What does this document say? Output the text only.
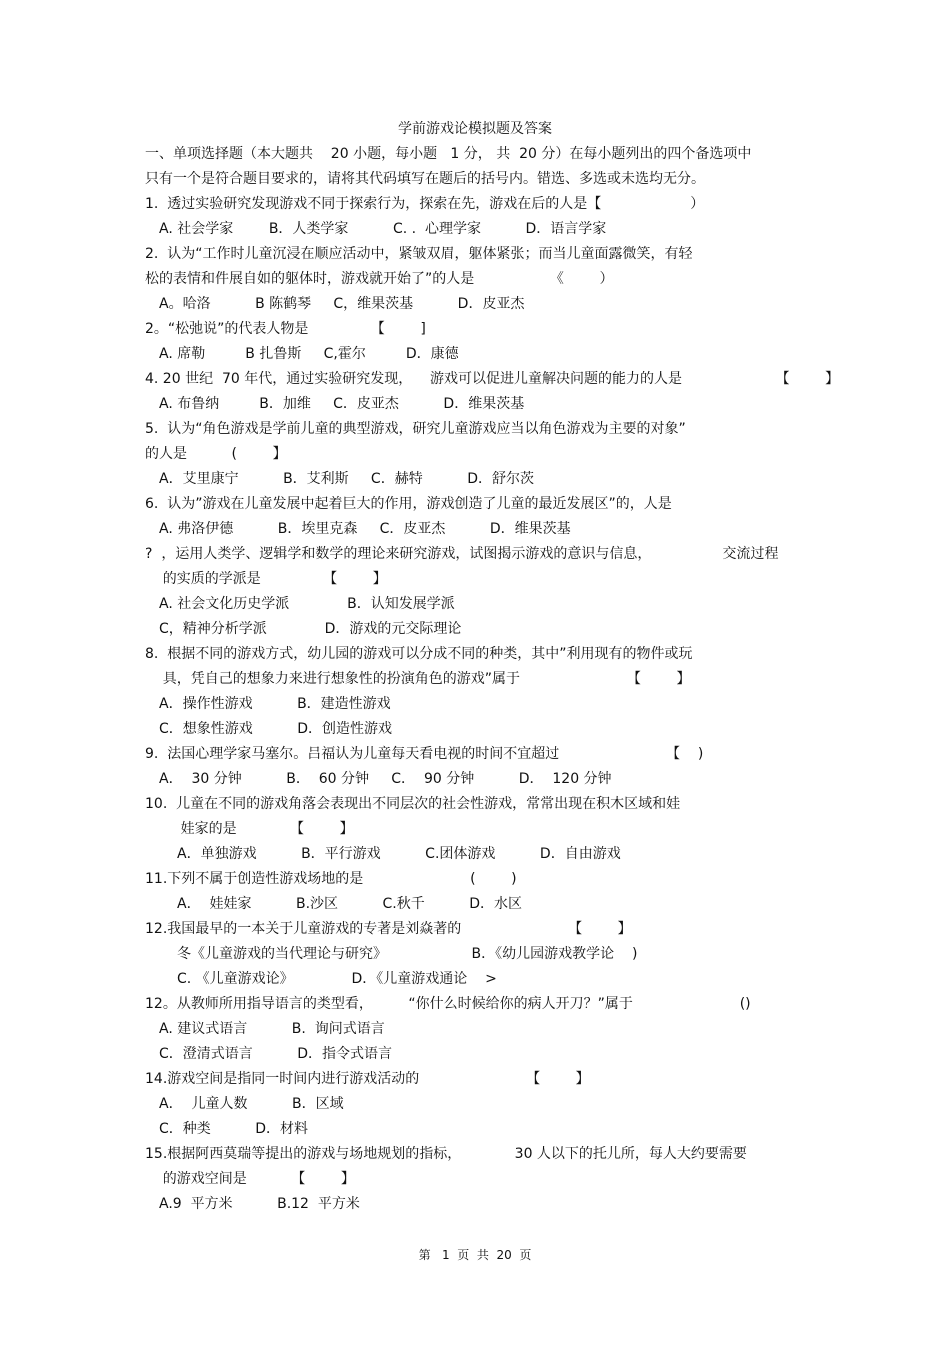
学前游戏论模拟题及答案
一、单项选择题（本大题共    20 小题，每小题   1 分， 共  20 分）在每小题列出的四个备选项中
只有一个是符合题目要求的，请将其代码填写在题后的括号内。错选、多选或未选均无分。
1.  透过实验研究发现游戏不同于探索行为，探索在先，游戏在后的人是【                    ）
A. 社会学家        B．人类学家          C. .  心理学家          D．语言学家
2.  认为“工作时儿童沉浸在顺应活动中，紧皱双眉，躯体紧张；而当儿童面露微笑，有轻
松的表情和件展自如的躯体时，游戏就开始了”的人是                 《        ）
A。哈洛          B 陈鹤琴     C，维果茨基          D．皮亚杰
2。“松弛说”的代表人物是              【        ]
A. 席勒         B 扎鲁斯     C,霍尔         D．康德
4. 20 世纪  70 年代，通过实验研究发现，    游戏可以促进儿童解决问题的能力的人是                     【        】
A. 布鲁纳         B．加维     C．皮亚杰          D．维果茨基
5.  认为“角色游戏是学前儿童的典型游戏，研究儿童游戏应当以角色游戏为主要的对象”
的人是          (        】
A．艾里康宁          B．艾利斯     C．赫特          D．舒尔茨
6.  认为”游戏在儿童发展中起着巨大的作用，游戏创造了儿童的最近发展区”的，人是
A. 弗洛伊德          B．埃里克森     C．皮亚杰          D．维果茨基
?  ，运用人类学、逻辑学和数学的理论来研究游戏，试图揭示游戏的意识与信息，                交流过程
的实质的学派是              【        】
A. 社会文化历史学派             B．认知发展学派
C，精神分析学派             D．游戏的元交际理论
8.  根据不同的游戏方式，幼儿园的游戏可以分成不同的种类，其中”利用现有的物件或玩
具，凭自己的想象力来进行想象性的扮演角色的游戏”属于                        【        】
A．操作性游戏          B．建造性游戏
C．想象性游戏          D．创造性游戏
9.  法国心理学家马塞尔。吕福认为儿童每天看电视的时间不宜超过                        【    )
A．  30 分钟          B．  60 分钟     C．  90 分钟          D．  120 分钟
10.  儿童在不同的游戏角落会表现出不同层次的社会性游戏，常常出现在积木区域和娃
娃家的是            【        】
A．单独游戏          B．平行游戏          C.团体游戏          D．自由游戏
11.下列不属于创造性游戏场地的是                        (        )
A．  娃娃家          B.沙区          C.秋千          D．水区
12.我国最早的一本关于儿童游戏的专著是刘焱著的                        【        】
冬《儿童游戏的当代理论与研究》                   B．《幼儿园游戏教学论    )
C. 《儿童游戏论》             D．《儿童游戏通论    >
12。从教师所用指导语言的类型看，        “你什么时候给你的病人开刀？”属于                        ()
A. 建议式语言          B.  询问式语言
C．澄清式语言          D．指令式语言
14.游戏空间是指同一时间内进行游戏活动的                        【        】
A．  儿童人数          B．区域
C．种类          D．材料
15.根据阿西莫瑞等提出的游戏与场地规划的指标，            30 人以下的托儿所，每人大约要需要
的游戏空间是          【        】
A.9  平方米          B.12  平方米
第   1  页  共  20  页
